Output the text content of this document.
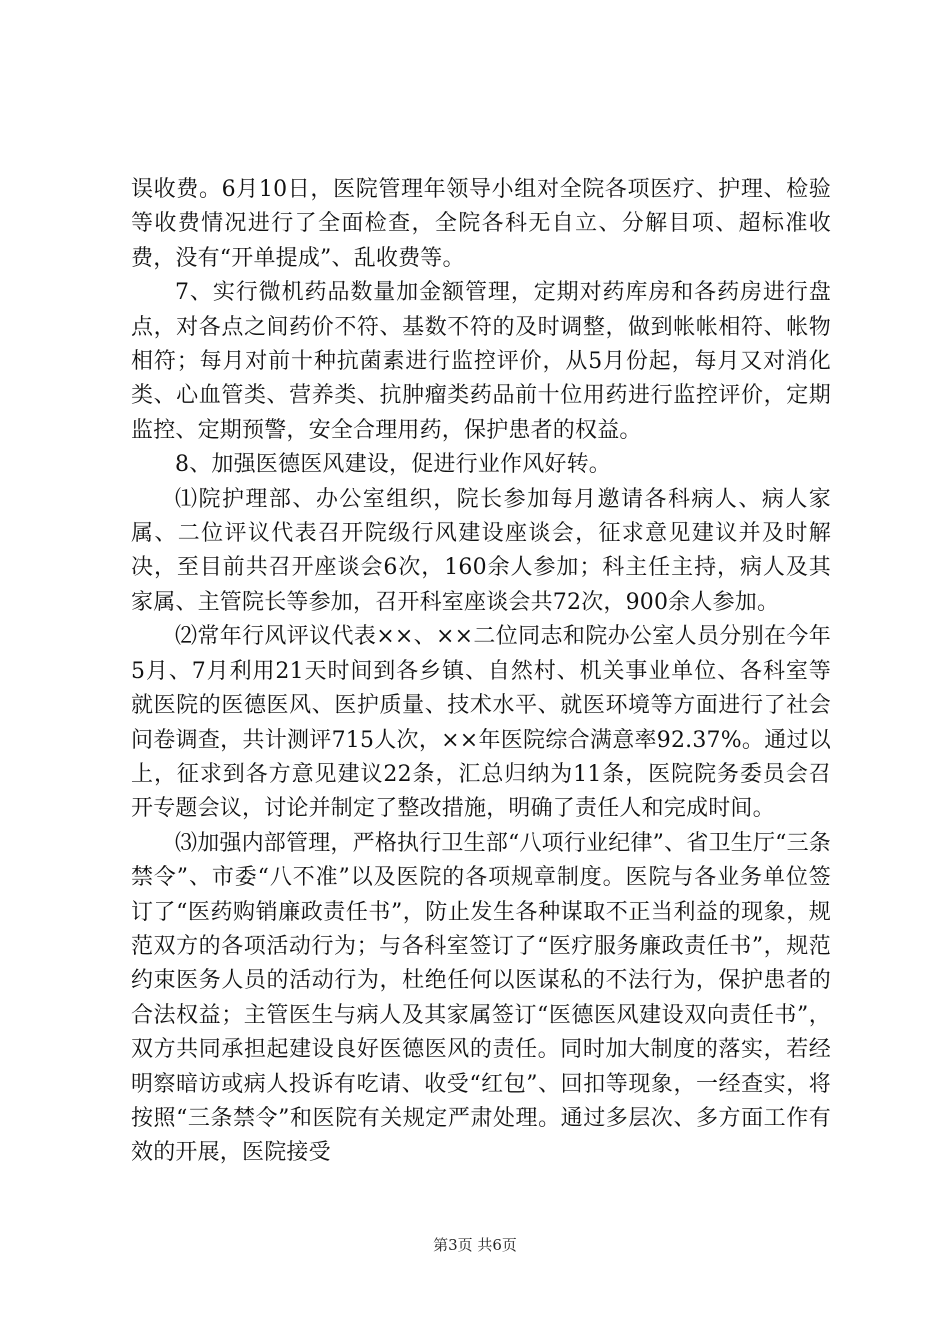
误收费。6月10日，医院管理年领导小组对全院各项医疗、护理、检验等收费情况进行了全面检查，全院各科无自立、分解目项、超标准收费，没有“开单提成”、乱收费等。

7、实行微机药品数量加金额管理，定期对药库房和各药房进行盘点，对各点之间药价不符、基数不符的及时调整，做到帐帐相符、帐物相符；每月对前十种抗菌素进行监控评价，从5月份起，每月又对消化类、心血管类、营养类、抗肿瘤类药品前十位用药进行监控评价，定期监控、定期预警，安全合理用药，保护患者的权益。

8、加强医德医风建设，促进行业作风好转。

⑴院护理部、办公室组织，院长参加每月邀请各科病人、病人家属、二位评议代表召开院级行风建设座谈会，征求意见建议并及时解决，至目前共召开座谈会6次，160余人参加；科主任主持，病人及其家属、主管院长等参加，召开科室座谈会共72次，900余人参加。

⑵常年行风评议代表××、××二位同志和院办公室人员分别在今年5月、7月利用21天时间到各乡镇、自然村、机关事业单位、各科室等就医院的医德医风、医护质量、技术水平、就医环境等方面进行了社会问卷调查，共计测评715人次，××年医院综合满意率92.37%。通过以上，征求到各方意见建议22条，汇总归纳为11条，医院院务委员会召开专题会议，讨论并制定了整改措施，明确了责任人和完成时间。

⑶加强内部管理，严格执行卫生部“八项行业纪律”、省卫生厅“三条禁令”、市委“八不准”以及医院的各项规章制度。医院与各业务单位签订了“医药购销廉政责任书”，防止发生各种谋取不正当利益的现象，规范双方的各项活动行为；与各科室签订了“医疗服务廉政责任书”，规范约束医务人员的活动行为，杜绝任何以医谋私的不法行为，保护患者的合法权益；主管医生与病人及其家属签订“医德医风建设双向责任书”，双方共同承担起建设良好医德医风的责任。同时加大制度的落实，若经明察暗访或病人投诉有吃请、收受“红包”、回扣等现象，一经查实，将按照“三条禁令”和医院有关规定严肃处理。通过多层次、多方面工作有效的开展，医院接受

第3页 共6页
